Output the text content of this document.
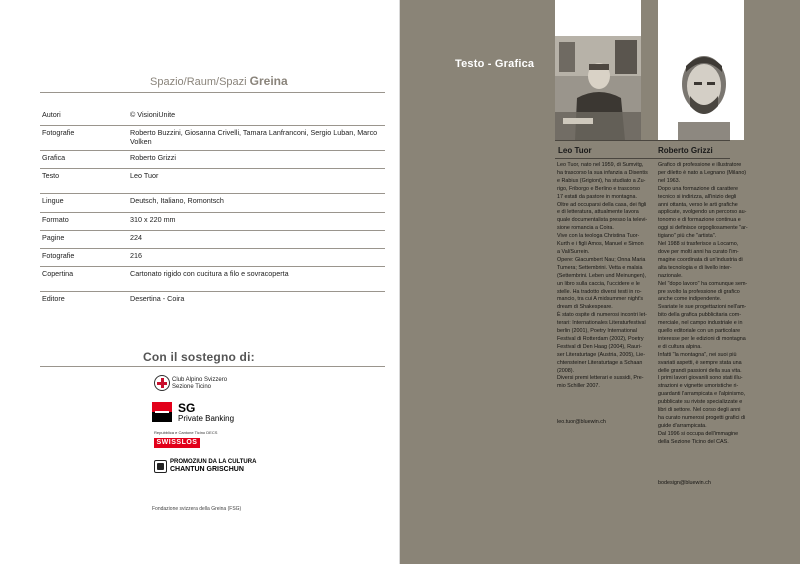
Spazio/Raum/Spazi Greina
Autori	© VisioniUnite
Fotografie	Roberto Buzzini, Giosanna Crivelli, Tamara Lanfranconi, Sergio Luban, Marco Volken
Grafica	Roberto Grizzi
Testo	Leo Tuor
Lingue	Deutsch, Italiano, Romontsch
Formato	310 x 220 mm
Pagine	224
Fotografie	216
Copertina	Cartonato rigido con cucitura a filo e sovracoperta
Editore	Desertina - Coira
Con il sostegno di:
Club Alpino Svizzero
Sezione Ticino
SG
Private Banking
Repubblica e Cantone Ticino DECS
SWISSLOS
PROMOZIUN DA LA CULTURA
CHANTUN GRISCHUN
Fondazione svizzera della Greina (FSG)
Testo - Grafica
Leo Tuor	Roberto Grizzi
Leo Tuor, nato nel 1959, di Sumvitg,
ha trascorso la sua infanzia a Disentis
e Rabius (Grigioni), ha studiato a Zu-
rigo, Friborgo e Berlino e trascorso
17 estati da pastore in montagna.
Oltre ad occuparsi della casa, dei figli
e di letteratura, attualmente lavora
quale documentalista presso la televi-
sione romancia a Coira.
Vive con la teologa Christina Tuor-
Kurth e i figli Amos, Manuel e Simon
a Val/Surrein.
Opere: Giacumbert Nau; Onna Maria
Tumera; Settembrini. Vetta e malsia
(Settembrini. Leben und Meinungen),
un libro sulla caccia, l'uccidere e le
stelle. Ha tradotto diversi testi in ro-
mancio, tra cui A midsummer night's
dream di Shakespeare.
È stato ospite di numerosi incontri let-
terari: Internationales Literaturfestival
berlin (2001), Poetry International
Festival di Rotterdam (2002), Poetry
Festival di Den Haag (2004), Rauri-
ser Literaturtage (Austria, 2005), Lie-
chtensteiner Literaturtage a Schaan
(2008).
Diversi premi letterari e sussidi, Pre-
mio Schiller 2007.
Grafico di professione e illustratore
per diletto è nato a Legnano (Milano)
nel 1963.
Dopo una formazione di carattere
tecnico si indirizza, all'inizio degli
anni ottanta, verso le arti grafiche
applicate, svolgendo un percorso au-
tonomo e di formazione continua e
oggi si definisce orgogliosamente "ar-
tigiano" più che "artista".
Nel 1988 si trasferisce a Locarno,
dove per molti anni ha curato l'im-
magine coordinata di un'industria di
alta tecnologia e di livello inter-
nazionale.
Nel "dopo lavoro" ha comunque sem-
pre svolto la professione di grafico
anche come indipendente.
Svariate le sue progettazioni nell'am-
bito della grafica pubblicitaria com-
merciale, nel campo industriale e in
quello editoriale con un particolare
interesse per le edizioni di montagna
e di cultura alpina.
Infatti "la montagna", nei suoi più
svariati aspetti, è sempre stata una
delle grandi passioni della sua vita.
I primi lavori giovanili sono stati illu-
strazioni e vignette umoristiche ri-
guardanti l'arrampicata e l'alpinismo,
pubblicate su riviste specializzate e
libri di settore. Nel corso degli anni
ha curato numerosi progetti grafici di
guide d'arrampicata.
Dal 1996 si occupa dell'immagine
della Sezione Ticino del CAS.
leo.tuor@bluewin.ch
bodesign@bluewin.ch
